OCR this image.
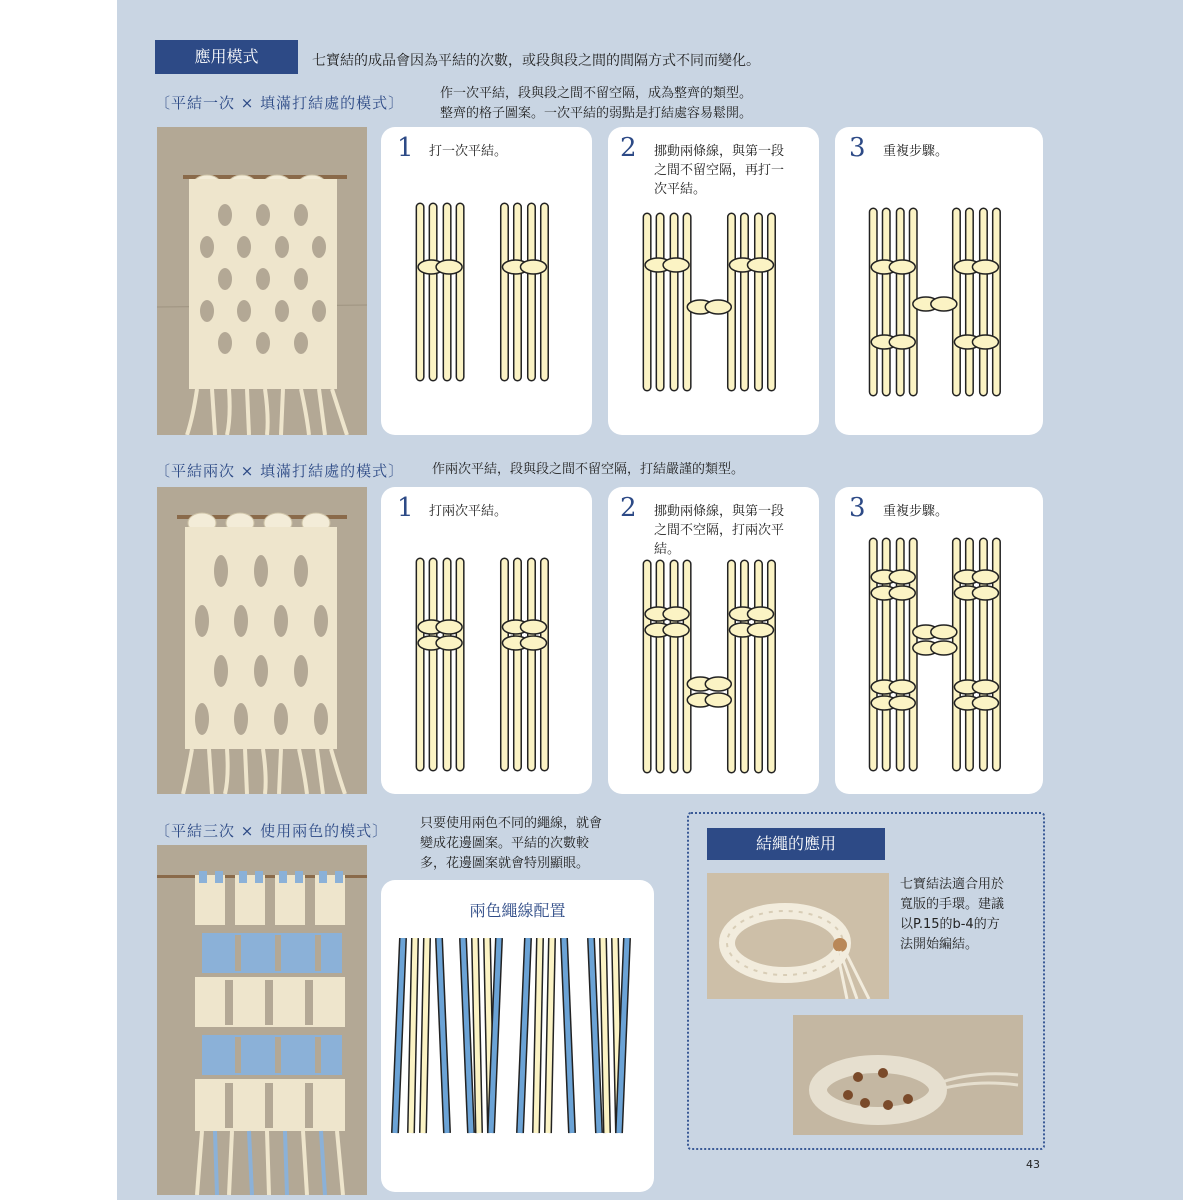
應用模式	七寶結的成品會因為平結的次數，或段與段之間的間隔方式不同而變化。
〔平結一次 × 填滿打結處的模式〕
作一次平結，段與段之間不留空隔，成為整齊的類型。
整齊的格子圖案。一次平結的弱點是打結處容易鬆開。
1 打一次平結。	2 挪動兩條線，與第一段
之間不留空隔，再打一
次平結。
3 重複步驟。
〔平結兩次 × 填滿打結處的模式〕 作兩次平結，段與段之間不留空隔，打結嚴謹的類型。
1 打兩次平結。	2 挪動兩條線，與第一段
之間不空隔，打兩次平
結。
3 重複步驟。
〔平結三次 × 使用兩色的模式〕 只要使用兩色不同的繩線，就會
變成花邊圖案。平結的次數較
多，花邊圖案就會特別顯眼。
兩色繩線配置
結繩的應用
七寶結法適合用於
寬版的手環。建議
以P.15的b-4的方
法開始編結。
43
